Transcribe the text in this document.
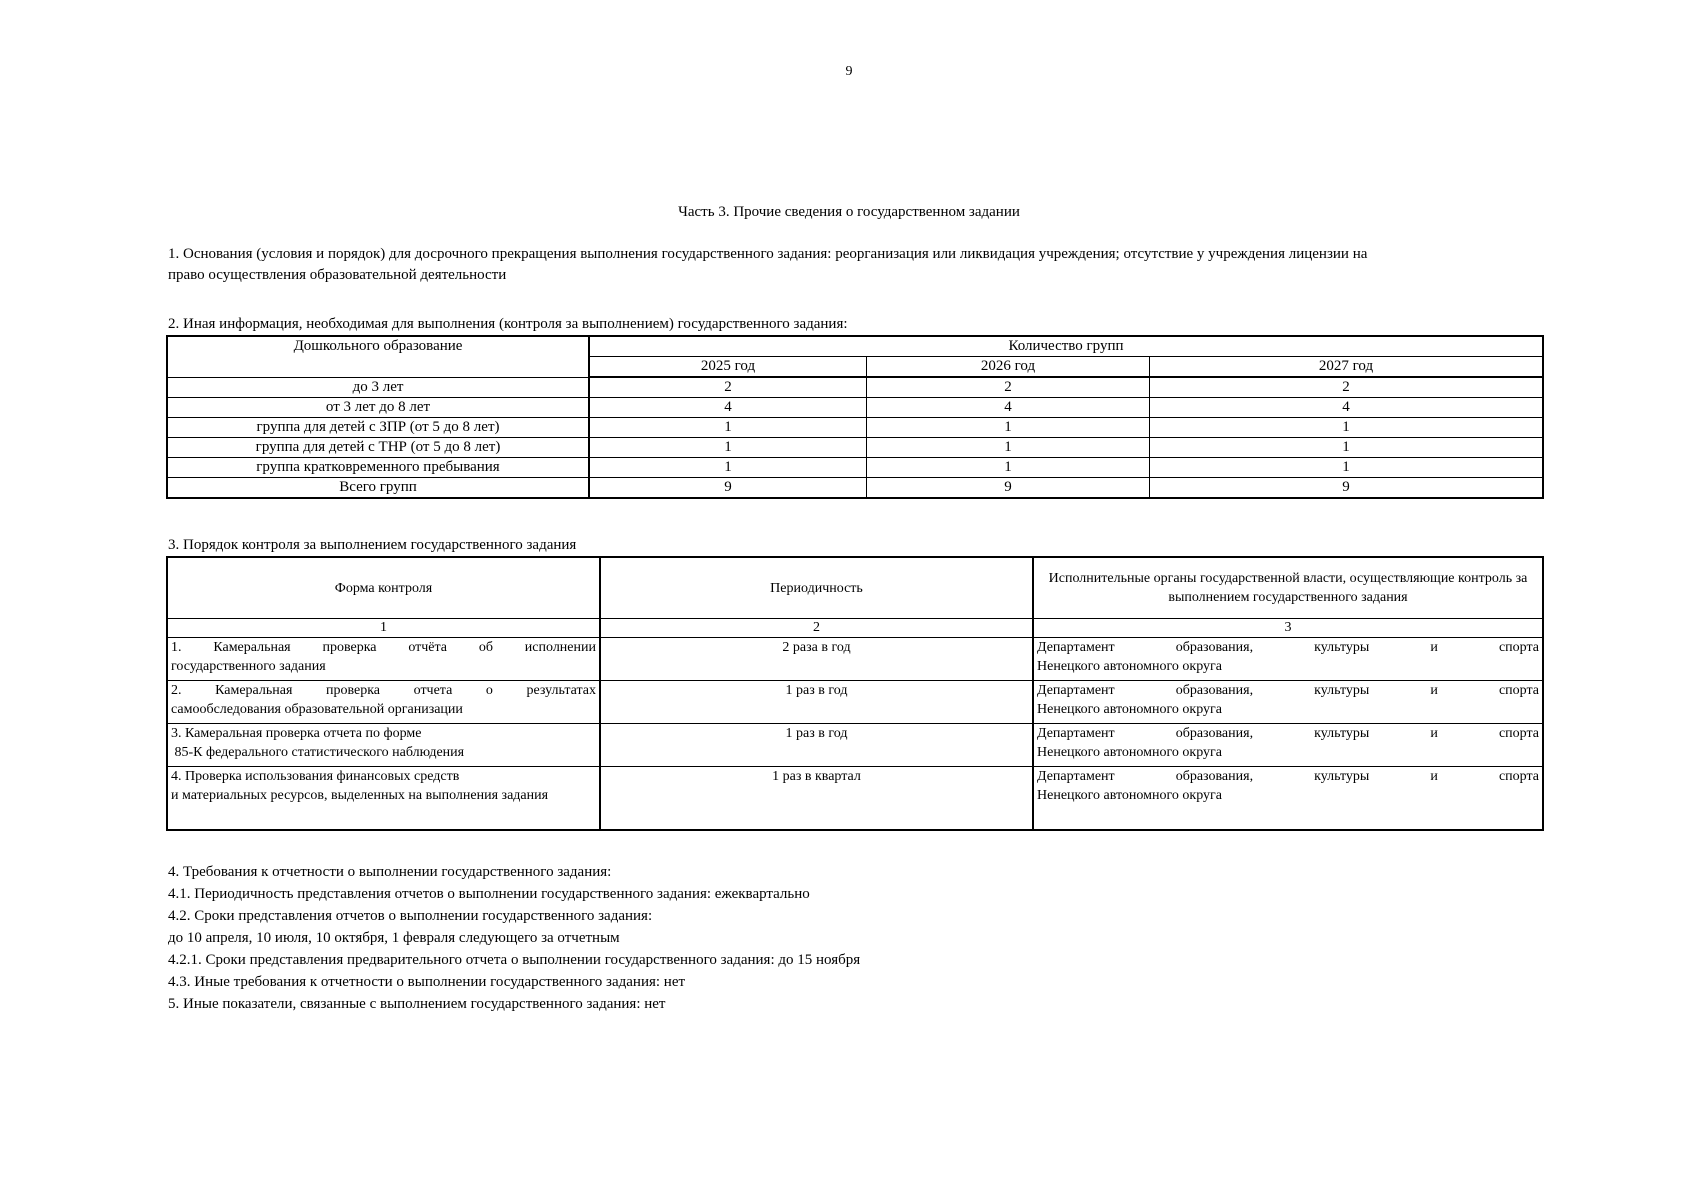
9
Часть 3. Прочие сведения о государственном задании
1. Основания (условия и порядок) для досрочного прекращения выполнения государственного задания: реорганизация или ликвидация учреждения; отсутствие у учреждения лицензии на право осуществления образовательной деятельности
2. Иная информация, необходимая для выполнения (контроля за выполнением) государственного задания:
Дошкольного образование	Количество групп		
	2025 год	2026 год	2027 год
до 3 лет	2	2	2
от 3 лет до 8 лет	4	4	4
группа для детей с ЗПР (от 5 до 8 лет)	1	1	1
группа для детей с ТНР (от 5 до 8 лет)	1	1	1
группа кратковременного пребывания	1	1	1
Всего групп	9	9	9
3. Порядок контроля за выполнением государственного задания
Форма контроля	Периодичность	Исполнительные органы государственной власти, осуществляющие контроль за выполнением государственного задания
1	2	3

1. Камеральная проверка отчёта об исполнении
государственного задания	2 раза в год	Департамент образования, культуры и спорта
Ненецкого автономного округа

2. Камеральная проверка отчета о результатах
самообследования образовательной организации	1 раз в год	Департамент образования, культуры и спорта
Ненецкого автономного округа

3. Камеральная проверка отчета по форме
85-К федерального статистического наблюдения	1 раз в год	Департамент образования, культуры и спорта
Ненецкого автономного округа

4. Проверка использования финансовых средств
и материальных ресурсов, выделенных на выполнения задания	1 раз в квартал	Департамент образования, культуры и спорта
Ненецкого автономного округа
4. Требования к отчетности о выполнении государственного задания:
4.1. Периодичность представления отчетов о выполнении государственного задания: ежеквартально
4.2. Сроки представления отчетов о выполнении государственного задания:
до 10 апреля, 10 июля, 10 октября, 1 февраля следующего за отчетным
4.2.1. Сроки представления предварительного отчета о выполнении государственного задания: до 15 ноября
4.3. Иные требования к отчетности о выполнении государственного задания: нет
5. Иные показатели, связанные с выполнением государственного задания: нет
